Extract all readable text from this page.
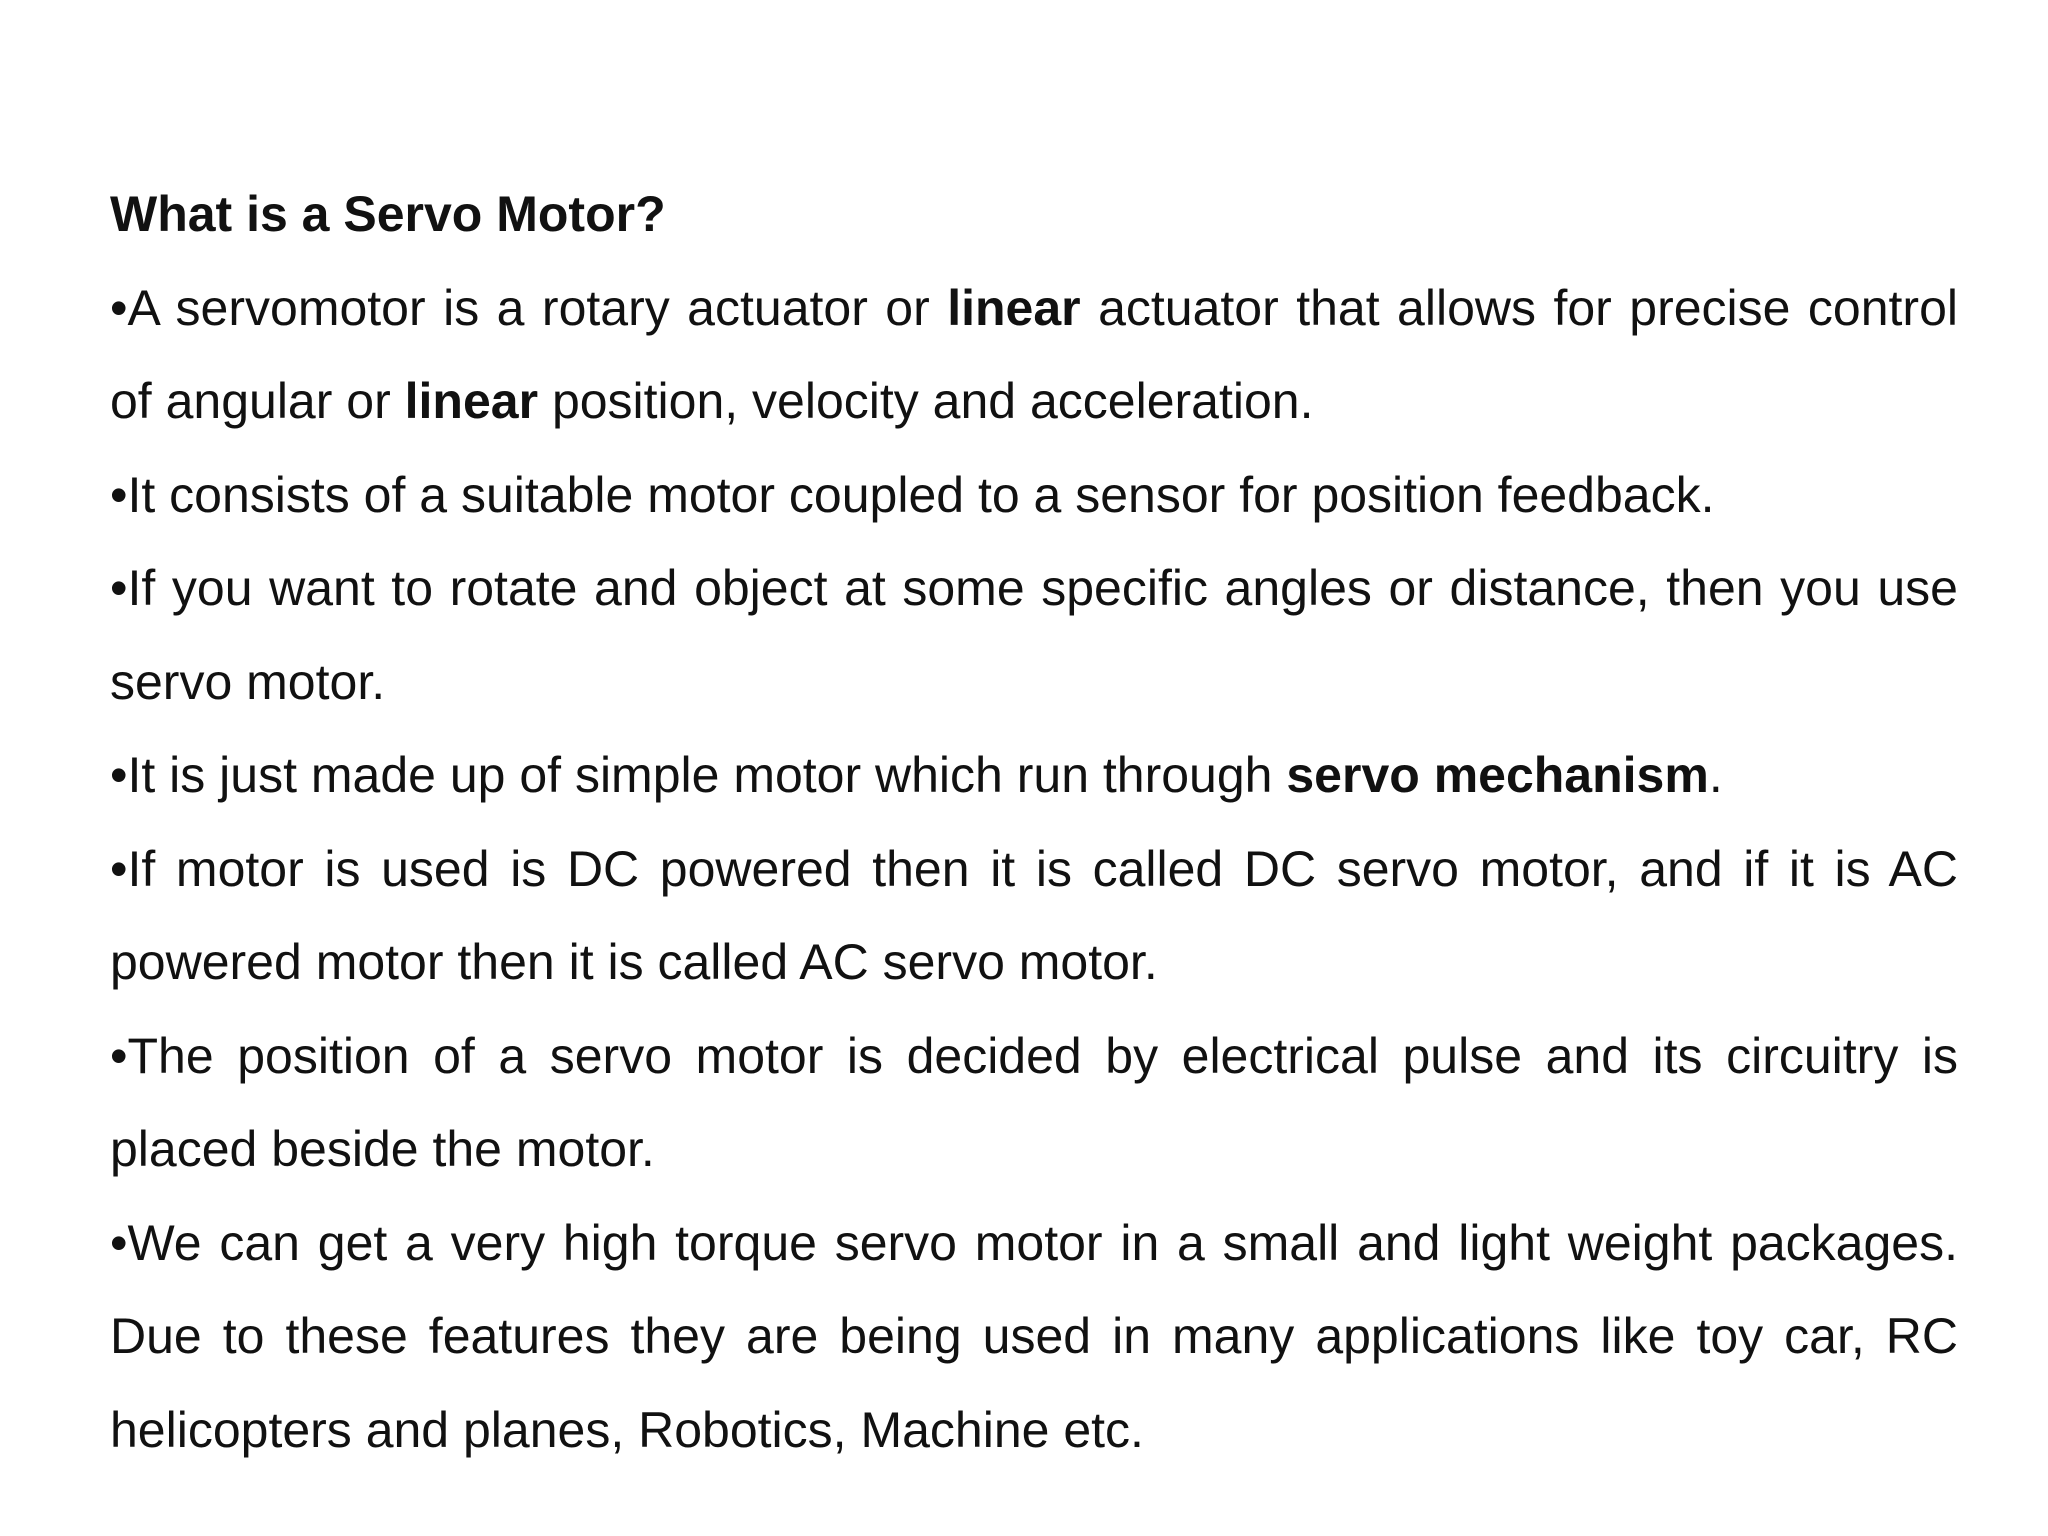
What is a Servo Motor?

•A servomotor is a rotary actuator or linear actuator that allows for precise control of angular or linear position, velocity and acceleration.

•It consists of a suitable motor coupled to a sensor for position feedback.

•If you want to rotate and object at some specific angles or distance, then you use servo motor.

•It is just made up of simple motor which run through servo mechanism.

•If motor is used is DC powered then it is called DC servo motor, and if it is AC powered motor then it is called AC servo motor.

•The position of a servo motor is decided by electrical pulse and its circuitry is placed beside the motor.

•We can get a very high torque servo motor in a small and light weight packages. Due to these features they are being used in many applications like toy car, RC helicopters and planes, Robotics, Machine etc.
